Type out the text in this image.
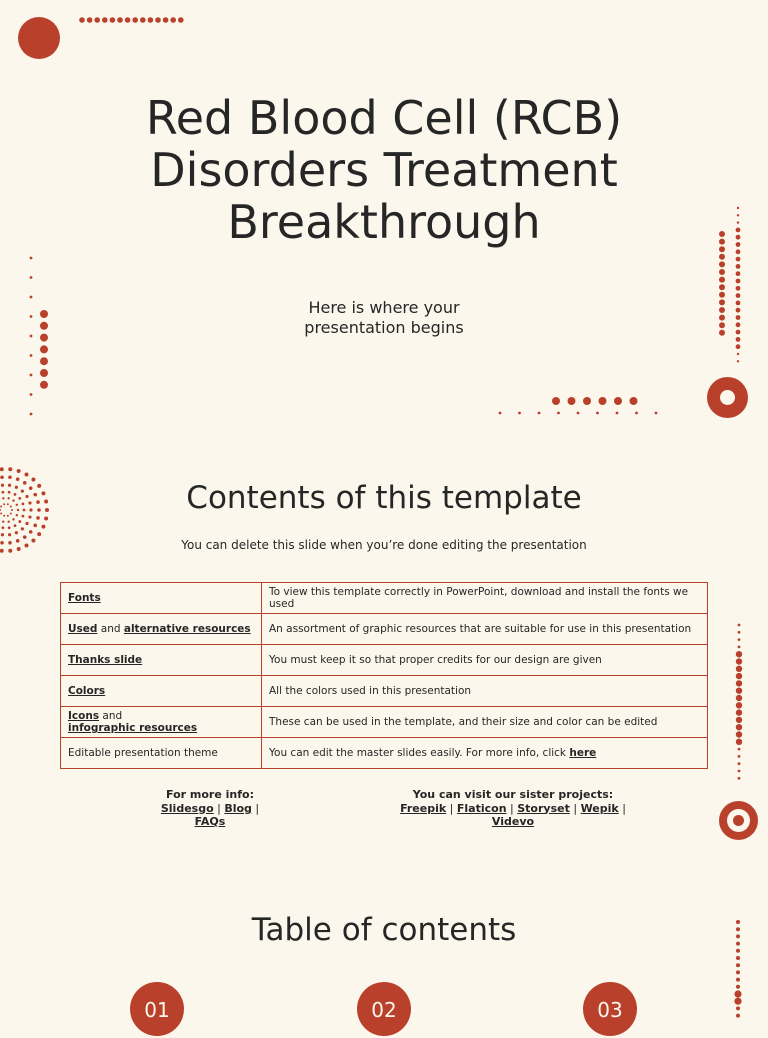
Red Blood Cell (RCB)
Disorders Treatment
Breakthrough

Here is where your
presentation begins

Contents of this template

You can delete this slide when you’re done editing the presentation

Fonts	To view this template correctly in PowerPoint, download and install the fonts we used
Used and alternative resources	An assortment of graphic resources that are suitable for use in this presentation
Thanks slide	You must keep it so that proper credits for our design are given
Colors	All the colors used in this presentation
Icons and
infographic resources	These can be used in the template, and their size and color can be edited
Editable presentation theme	You can edit the master slides easily. For more info, click here
For more info:
Slidesgo | Blog |
FAQs
You can visit our sister projects:
Freepik | Flaticon | Storyset | Wepik |
Videvo
Table of contents
01	02	03
